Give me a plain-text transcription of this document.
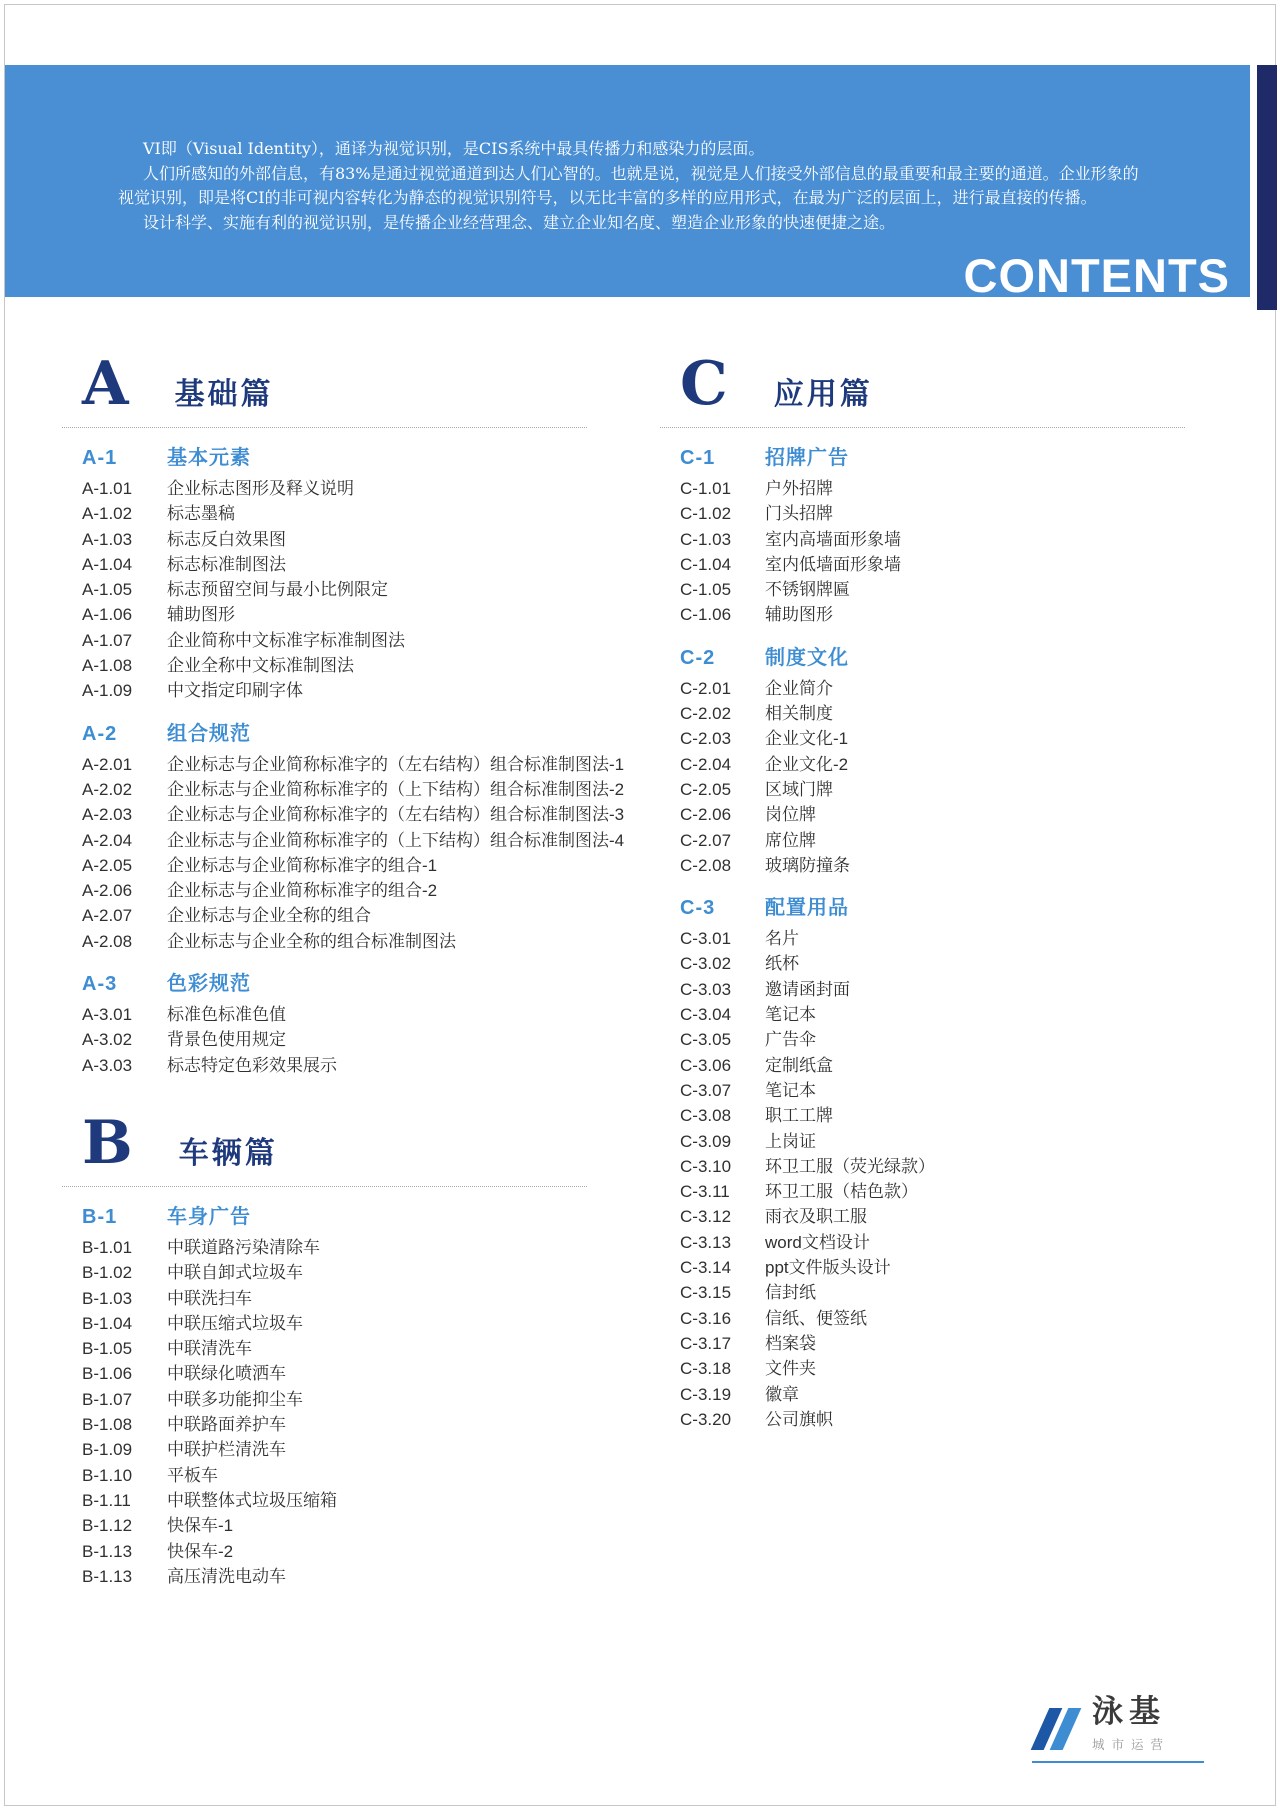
VI即（Visual Identity），通译为视觉识别，是CIS系统中最具传播力和感染力的层面。
人们所感知的外部信息，有83%是通过视觉通道到达人们心智的。也就是说，视觉是人们接受外部信息的最重要和最主要的通道。企业形象的
视觉识别，即是将CI的非可视内容转化为静态的视觉识别符号，以无比丰富的多样的应用形式，在最为广泛的层面上，进行最直接的传播。
设计科学、实施有利的视觉识别，是传播企业经营理念、建立企业知名度、塑造企业形象的快速便捷之途。
CONTENTS
A 基础篇
A-1	基本元素
A-1.01	企业标志图形及释义说明
A-1.02	标志墨稿
A-1.03	标志反白效果图
A-1.04	标志标准制图法
A-1.05	标志预留空间与最小比例限定
A-1.06	辅助图形
A-1.07	企业简称中文标准字标准制图法
A-1.08	企业全称中文标准制图法
A-1.09	中文指定印刷字体
A-2	组合规范
A-2.01	企业标志与企业简称标准字的（左右结构）组合标准制图法-1
A-2.02	企业标志与企业简称标准字的（上下结构）组合标准制图法-2
A-2.03	企业标志与企业简称标准字的（左右结构）组合标准制图法-3
A-2.04	企业标志与企业简称标准字的（上下结构）组合标准制图法-4
A-2.05	企业标志与企业简称标准字的组合-1
A-2.06	企业标志与企业简称标准字的组合-2
A-2.07	企业标志与企业全称的组合
A-2.08	企业标志与企业全称的组合标准制图法
A-3	色彩规范
A-3.01	标准色标准色值
A-3.02	背景色使用规定
A-3.03	标志特定色彩效果展示
B 车辆篇
B-1	车身广告
B-1.01	中联道路污染清除车
B-1.02	中联自卸式垃圾车
B-1.03	中联洗扫车
B-1.04	中联压缩式垃圾车
B-1.05	中联清洗车
B-1.06	中联绿化喷洒车
B-1.07	中联多功能抑尘车
B-1.08	中联路面养护车
B-1.09	中联护栏清洗车
B-1.10	平板车
B-1.11	中联整体式垃圾压缩箱
B-1.12	快保车-1
B-1.13	快保车-2
B-1.13	高压清洗电动车
C 应用篇
C-1	招牌广告
C-1.01	户外招牌
C-1.02	门头招牌
C-1.03	室内高墙面形象墙
C-1.04	室内低墙面形象墙
C-1.05	不锈钢牌匾
C-1.06	辅助图形
C-2	制度文化
C-2.01	企业简介
C-2.02	相关制度
C-2.03	企业文化-1
C-2.04	企业文化-2
C-2.05	区域门牌
C-2.06	岗位牌
C-2.07	席位牌
C-2.08	玻璃防撞条
C-3	配置用品
C-3.01	名片
C-3.02	纸杯
C-3.03	邀请函封面
C-3.04	笔记本
C-3.05	广告伞
C-3.06	定制纸盒
C-3.07	笔记本
C-3.08	职工工牌
C-3.09	上岗证
C-3.10	环卫工服（荧光绿款）
C-3.11	环卫工服（桔色款）
C-3.12	雨衣及职工服
C-3.13	word文档设计
C-3.14	ppt文件版头设计
C-3.15	信封纸
C-3.16	信纸、便签纸
C-3.17	档案袋
C-3.18	文件夹
C-3.19	徽章
C-3.20	公司旗帜
泳基
城市运营
